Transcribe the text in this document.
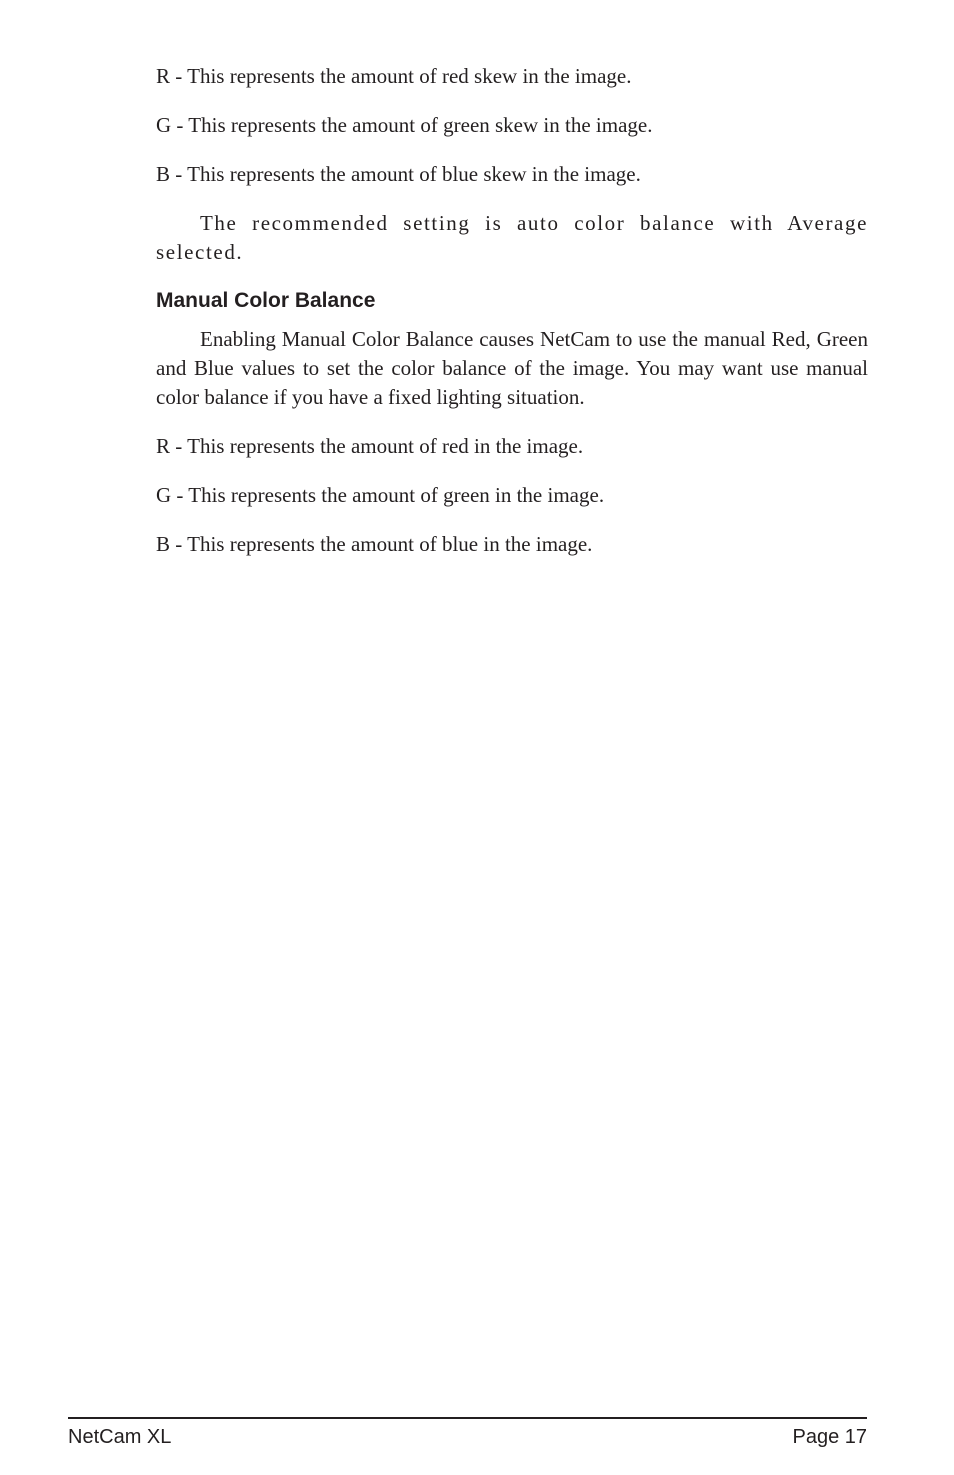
R - This represents the amount of red skew in the image.

G - This represents the amount of green skew in the image.

B - This represents the amount of blue skew in the image.

The recommended setting is auto color balance with Average selected.

Manual Color Balance

Enabling Manual Color Balance causes NetCam to use the manual Red, Green and Blue values to set the color balance of the image. You may want use manual color balance if you have a fixed lighting situation.

R - This represents the amount of red in the image.

G - This represents the amount of green in the image.

B - This represents the amount of blue in the image.

NetCam XL	Page 17
